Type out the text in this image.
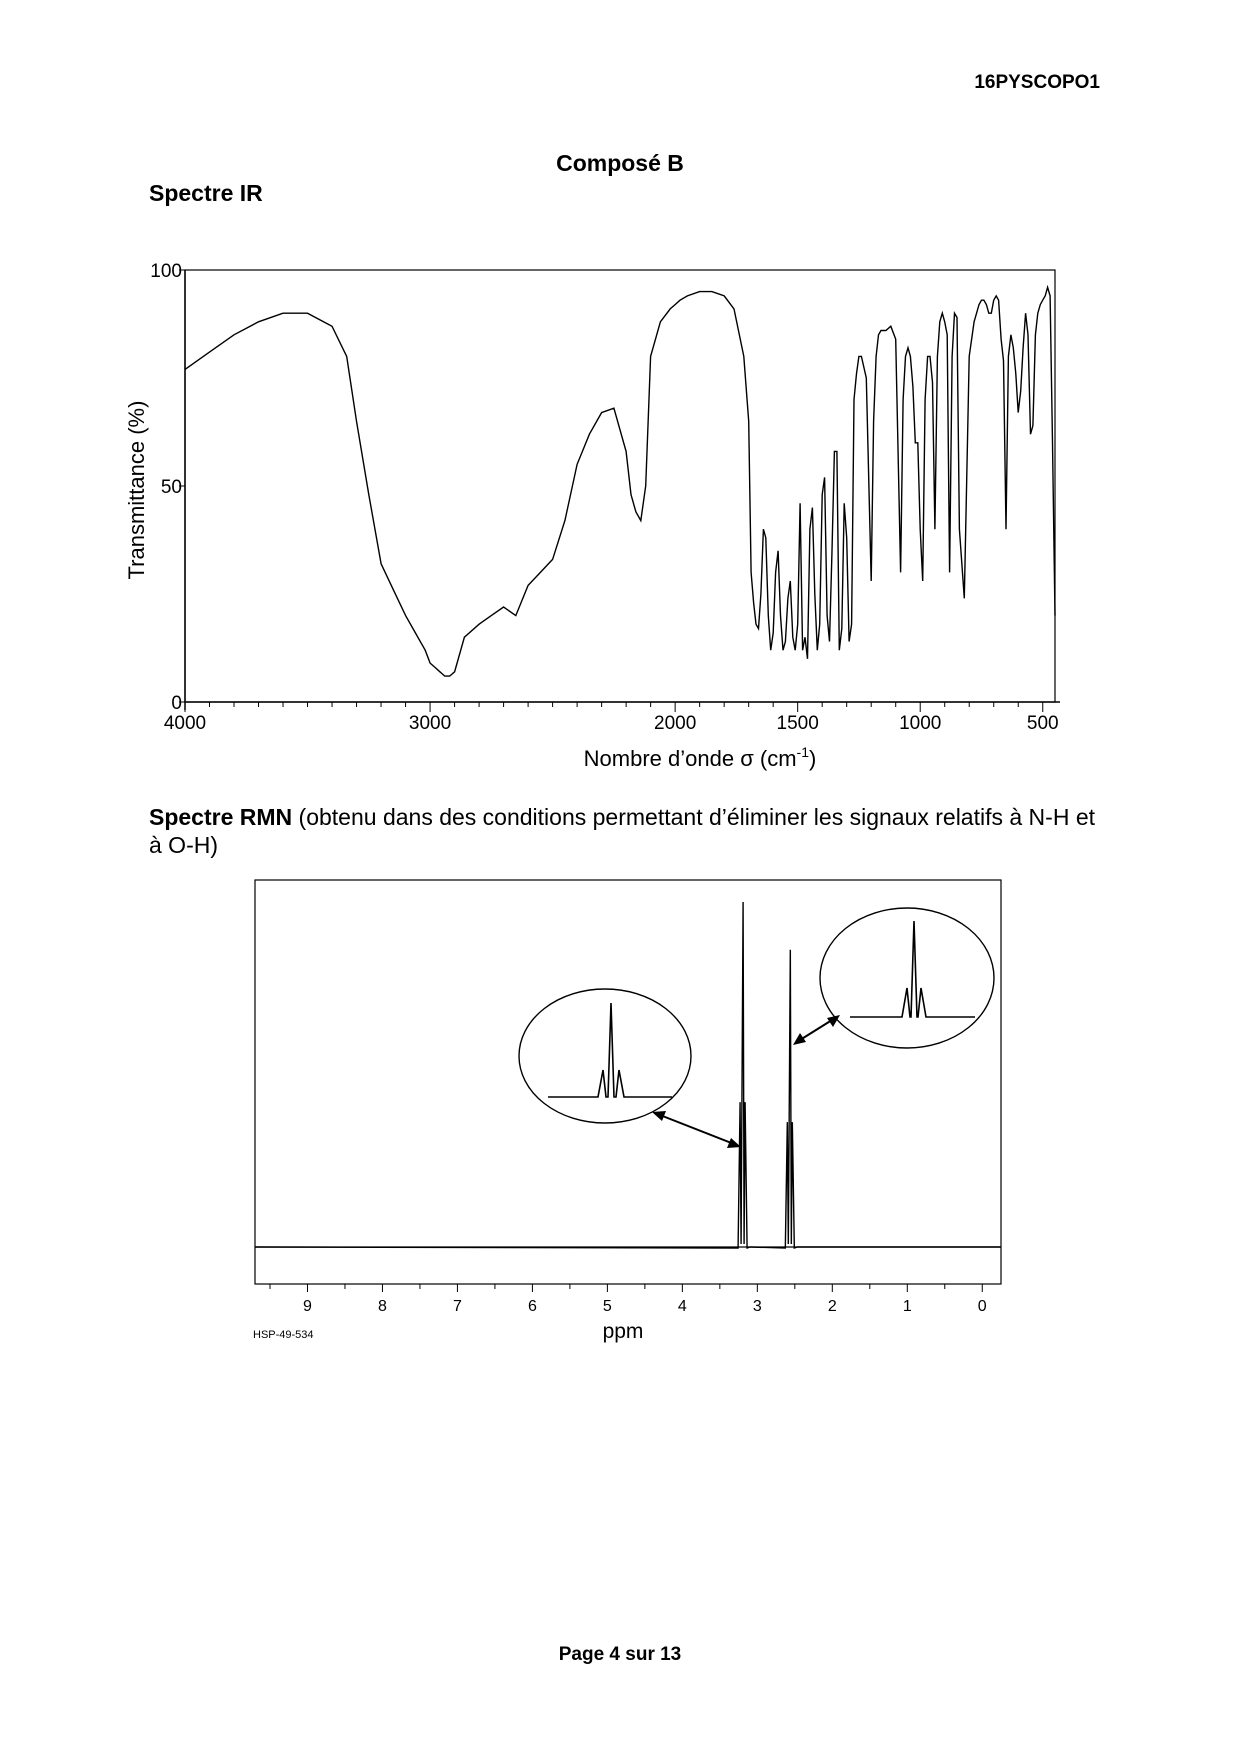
16PYSCOPO1
Composé B
Spectre IR
4000	3000	2000	1500	1000	500
0
50
100
Transmittance (%)
Nombre d’onde σ $(cm^{-1})$
Spectre RMN (obtenu dans des conditions permettant d’éliminer les signaux relatifs à N-H et à O-H)
9	8	7	6	5	4	3	2	1	0
ppm
HSP-49-534
Page 4 sur 13
